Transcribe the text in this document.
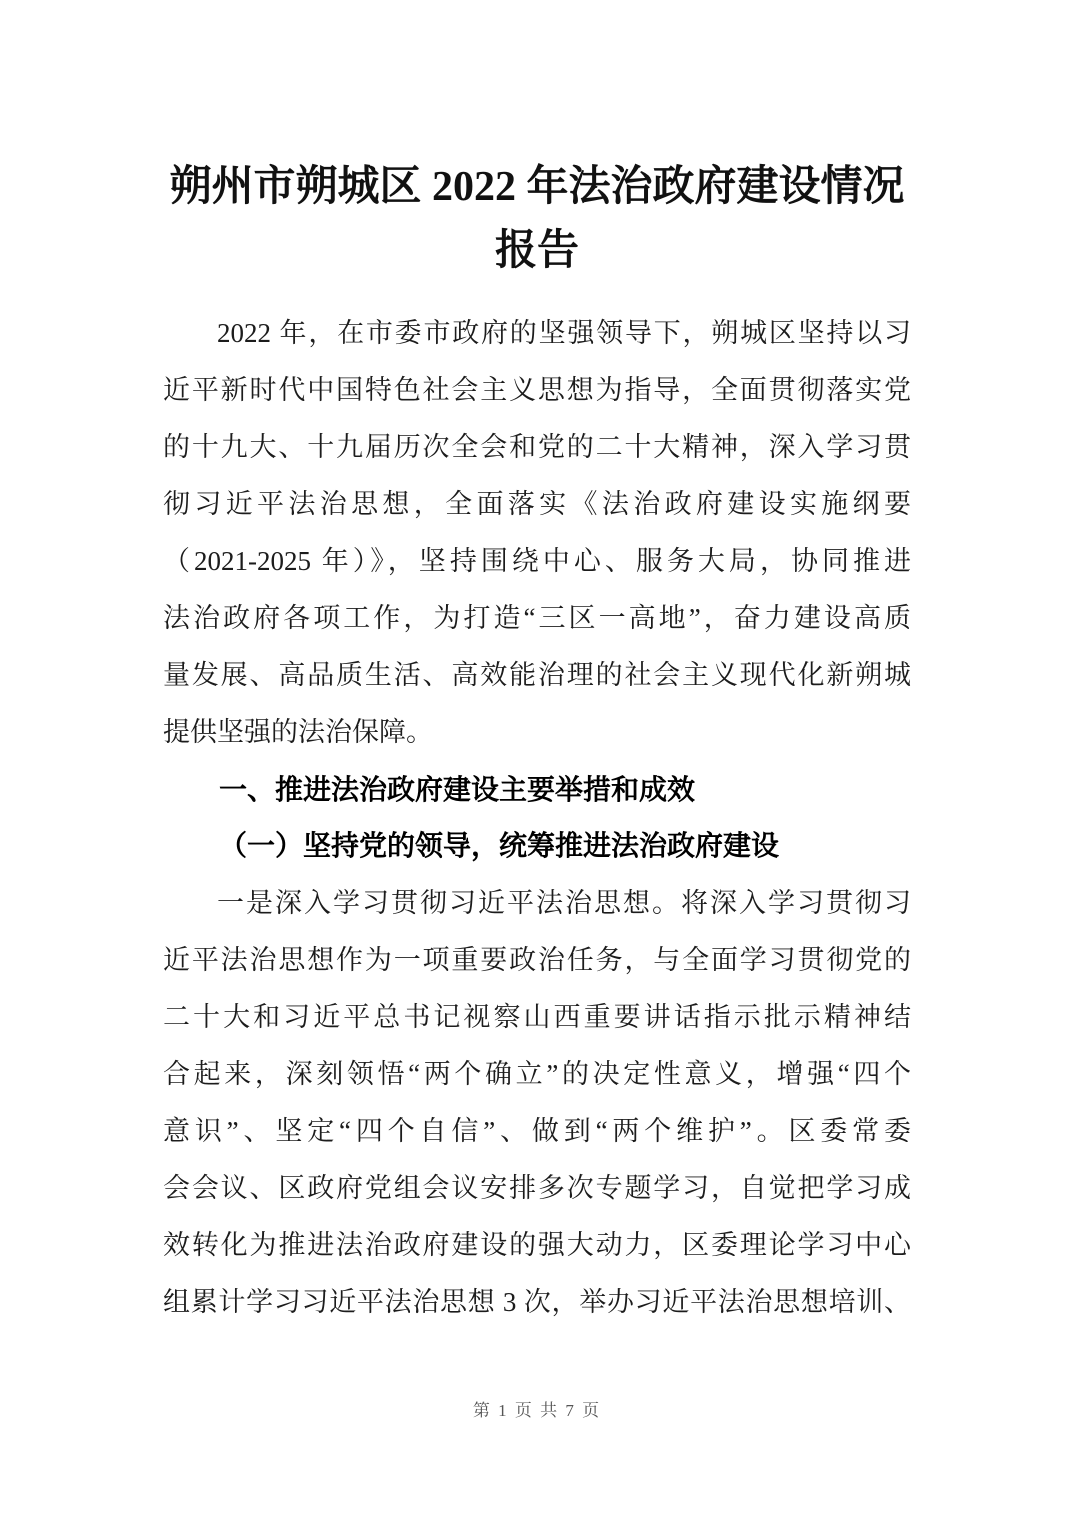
朔州市朔城区 2022 年法治政府建设情况
报告
2022 年，在市委市政府的坚强领导下，朔城区坚持以习
近平新时代中国特色社会主义思想为指导，全面贯彻落实党
的十九大、十九届历次全会和党的二十大精神，深入学习贯
彻习近平法治思想，全面落实《法治政府建设实施纲要
（2021-2025 年）》，坚持围绕中心、服务大局，协同推进
法治政府各项工作，为打造“三区一高地”，奋力建设高质
量发展、高品质生活、高效能治理的社会主义现代化新朔城
提供坚强的法治保障。
一、推进法治政府建设主要举措和成效
（一）坚持党的领导，统筹推进法治政府建设
一是深入学习贯彻习近平法治思想。将深入学习贯彻习
近平法治思想作为一项重要政治任务，与全面学习贯彻党的
二十大和习近平总书记视察山西重要讲话指示批示精神结
合起来，深刻领悟“两个确立”的决定性意义，增强“四个
意识”、坚定“四个自信”、做到“两个维护”。区委常委
会会议、区政府党组会议安排多次专题学习，自觉把学习成
效转化为推进法治政府建设的强大动力，区委理论学习中心
组累计学习习近平法治思想 3 次，举办习近平法治思想培训、
第 1 页 共 7 页
